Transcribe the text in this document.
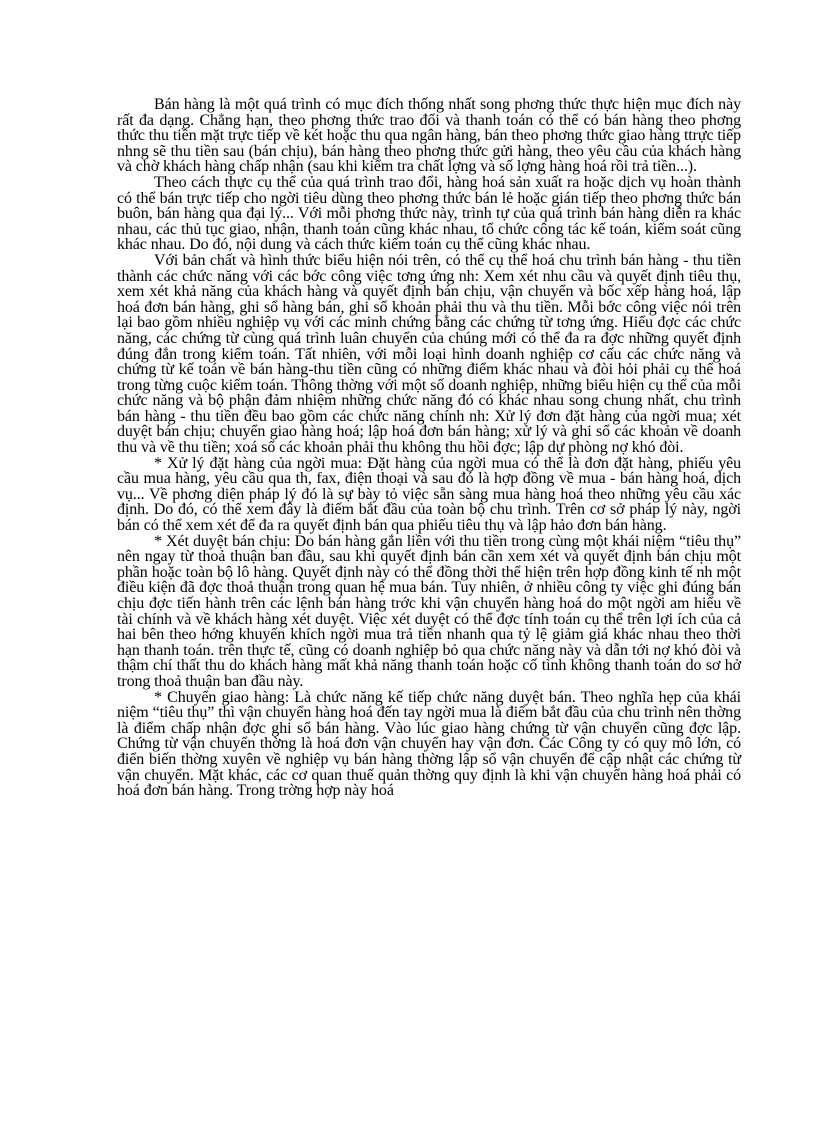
Bán hàng là một quá trình có mục đích thống nhất song phơng thức thực hiện mục đích này rất đa dạng. Chẳng hạn, theo phơng thức trao đổi và thanh toán có thể có bán hàng theo phơng thức thu tiền mặt trực tiếp về két hoặc thu qua ngân hàng, bán theo phơng thức giao hàng ttrực tiếp nhng sẽ thu tiền sau (bán chịu), bán hàng theo phơng thức gửi hàng, theo yêu cầu của khách hàng và chờ khách hàng chấp nhận (sau khi kiểm tra chất lợng và số lợng hàng hoá rồi trả tiền...).

Theo cách thực cụ thể của quá trình trao đổi, hàng hoá sản xuất ra hoặc dịch vụ hoàn thành có thể bán trực tiếp cho ngời tiêu dùng theo phơng thức bán lẻ hoặc gián tiếp theo phơng thức bán buôn, bán hàng qua đại lý... Với mỗi phơng thức này, trình tự của quá trình bán hàng diễn ra khác nhau, các thủ tục giao, nhận, thanh toán cũng khác nhau, tổ chức công tác kế toán, kiểm soát cũng khác nhau. Do đó, nội dung và cách thức kiểm toán cụ thể cũng khác nhau.

Với bản chất và hình thức biểu hiện nói trên, có thể cụ thể hoá chu trình bán hàng - thu tiền thành các chức năng với các bớc công việc tơng ứng nh: Xem xét nhu cầu và quyết định tiêu thụ, xem xét khả năng của khách hàng và quyết định bán chịu, vận chuyển và bốc xếp hàng hoá, lập hoá đơn bán hàng, ghi sổ hàng bán, ghi sổ khoản phải thu và thu tiền. Mỗi bớc công việc nói trên lại bao gồm nhiều nghiệp vụ với các minh chứng bằng các chứng từ tơng ứng. Hiểu đợc các chức năng, các chứng từ cùng quá trình luân chuyển của chúng mới có thể đa ra đợc những quyết định đúng đắn trong kiểm toán. Tất nhiên, với mỗi loại hình doanh nghiệp cơ cấu các chức năng và chứng từ kế toán về bán hàng-thu tiền cũng có những điểm khác nhau và đòi hỏi phải cụ thể hoá trong từng cuộc kiểm toán. Thông thờng với một số doanh nghiệp, những biểu hiện cụ thể của mỗi chức năng và bộ phận đảm nhiệm những chức năng đó có khác nhau song chung nhất, chu trình bán hàng - thu tiền đều bao gồm các chức năng chính nh: Xử lý đơn đặt hàng của ngời mua; xét duyệt bán chịu; chuyển giao hàng hoá; lập hoá đơn bán hàng; xử lý và ghi sổ các khoản về doanh thu và về thu tiền; xoá sổ các khoản phải thu không thu hồi đợc; lập dự phòng nợ khó đòi.

* Xử lý đặt hàng của ngời mua: Đặt hàng của ngời mua có thể là đơn đặt hàng, phiếu yêu cầu mua hàng, yêu cầu qua th, fax, điện thoại và sau đó là hợp đồng về mua - bán hàng hoá, dịch vụ... Về phơng diện pháp lý đó là sự bày tỏ việc sẵn sàng mua hàng hoá theo những yêu cầu xác định. Do đó, có thể xem đây là điểm bắt đầu của toàn bộ chu trình. Trên cơ sở pháp lý này, ngời bán có thể xem xét để đa ra quyết định bán qua phiếu tiêu thụ và lập hảo đơn bán hàng.

* Xét duyệt bán chịu: Do bán hàng gắn liền với thu tiền trong cùng một khái niệm “tiêu thụ” nên ngay từ thoả thuận ban đầu, sau khi quyết định bán cần xem xét và quyết định bán chịu một phần hoặc toàn bộ lô hàng. Quyết định này có thể đồng thời thể hiện trên hợp đồng kinh tế nh một điều kiện đã đợc thoả thuận trong quan hệ mua bán. Tuy nhiên, ở nhiều công ty việc ghi đúng bán chịu đợc tiến hành trên các lệnh bán hàng trớc khi vận chuyển hàng hoá do một ngời am hiểu về tài chính và về khách hàng xét duyệt. Việc xét duyệt có thể đợc tính toán cụ thể trên lợi ích của cả hai bên theo hớng khuyến khích ngời mua trả tiền nhanh qua tỷ lệ giảm giá khác nhau theo thời hạn thanh toán. trên thực tế, cũng có doanh nghiệp bỏ qua chức năng này và dẫn tới nợ khó đòi và thậm chí thất thu do khách hàng mất khả năng thanh toán hoặc cố tình không thanh toán do sơ hở trong thoả thuận ban đầu này.

* Chuyển giao hàng: Là chức năng kế tiếp chức năng duyệt bán. Theo nghĩa hẹp của khái niệm “tiêu thụ” thì vận chuyển hàng hoá đến tay ngời mua là điểm bắt đầu của chu trình nên thờng là điểm chấp nhận đợc ghi sổ bán hàng. Vào lúc giao hàng chứng từ vận chuyển cũng đợc lập. Chứng từ vận chuyển thờng là hoá đơn vận chuyển hay vận đơn. Các Công ty có quy mô lớn, có điển biến thờng xuyên về nghiệp vụ bán hàng thờng lập sổ vận chuyển để cập nhật các chứng từ vận chuyển. Mặt khác, các cơ quan thuế quản thờng quy định là khi vận chuyển hàng hoá phải có hoá đơn bán hàng. Trong trờng hợp này hoá
